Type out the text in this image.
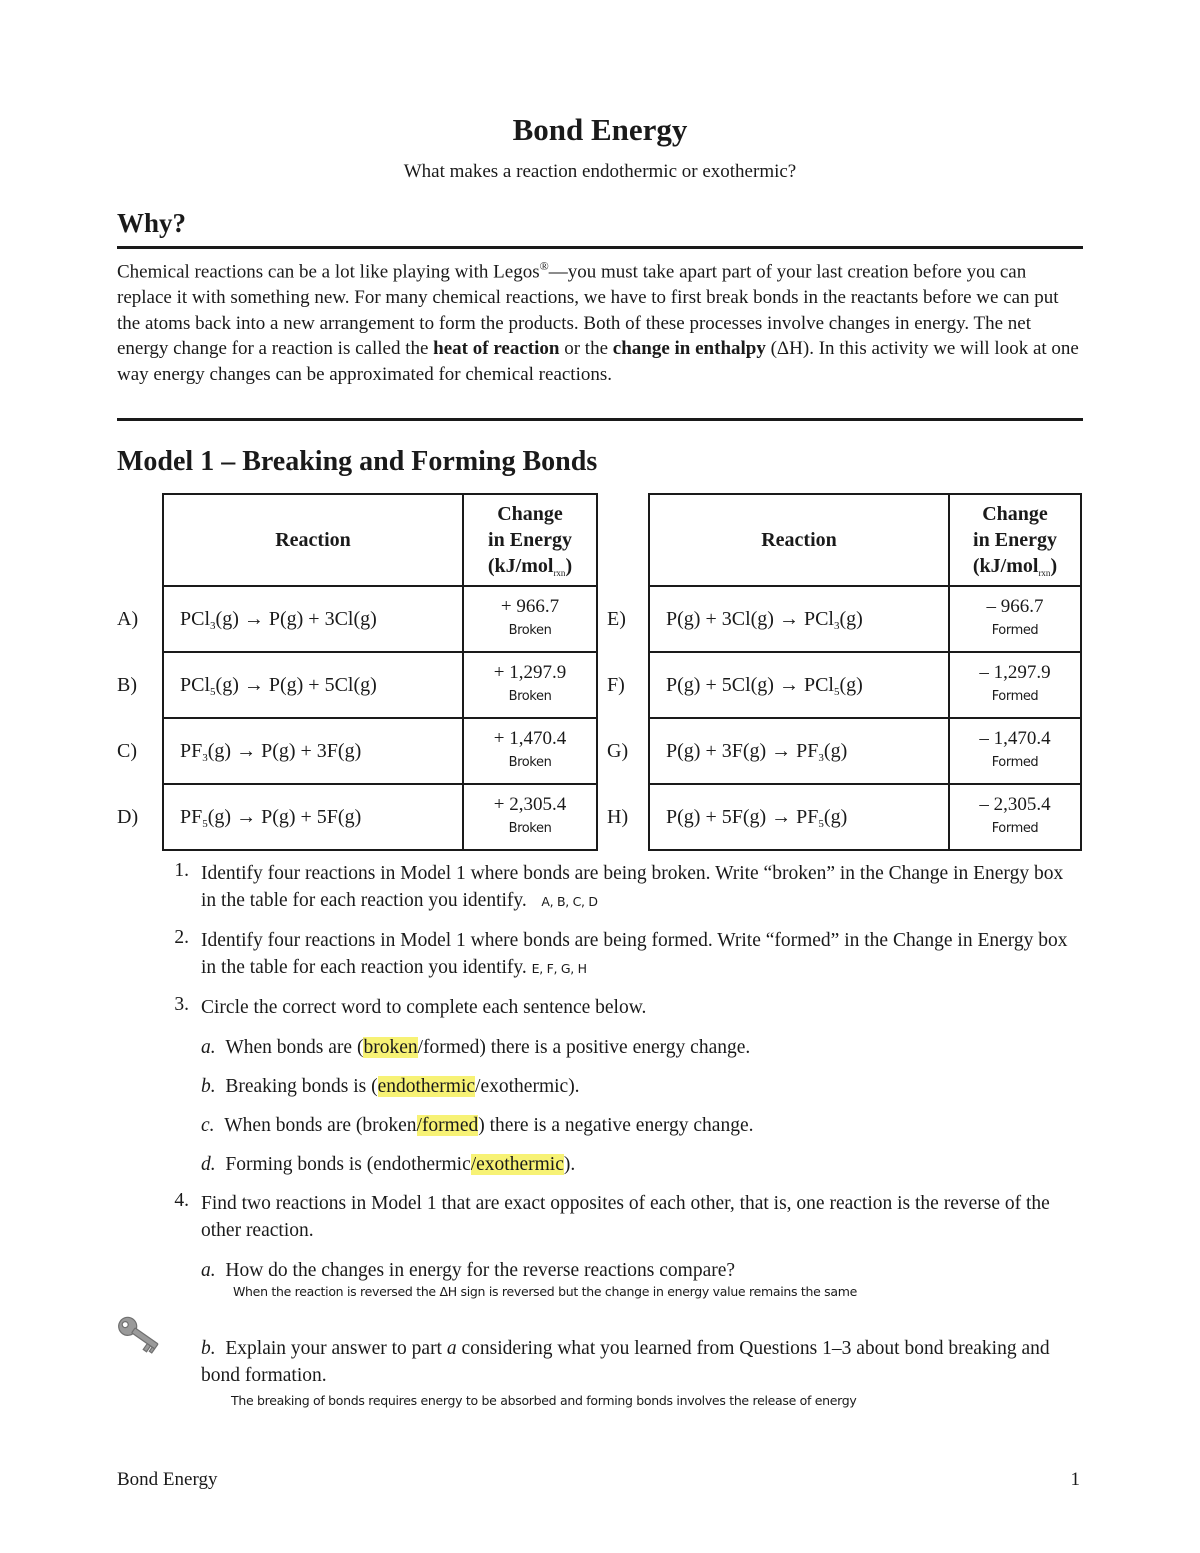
Bond Energy
What makes a reaction endothermic or exothermic?
Why?
Chemical reactions can be a lot like playing with Legos®—you must take apart part of your last creation before you can replace it with something new. For many chemical reactions, we have to first break bonds in the reactants before we can put the atoms back into a new arrangement to form the products. Both of these processes involve changes in energy. The net energy change for a reaction is called the heat of reaction or the change in enthalpy (ΔH). In this activity we will look at one way energy changes can be approximated for chemical reactions.
Model 1 – Breaking and Forming Bonds
	Reaction	Change
in Energy
(kJ/mol$_{rxn}$)
A)	PCl$_3$(g) → P(g) + 3Cl(g)	+ 966.7
Broken

B)	PCl$_5$(g) → P(g) + 5Cl(g)	+ 1,297.9
Broken

C)	$PF_3(g) \to P(g) + 3F(g)$	+ 1,470.4
Broken

D)	$PF_5(g) \to P(g) + 5F(g)$	+ 2,305.4
Broken
	Reaction	Change
in Energy
(kJ/mol$_{rxn}$)
E)	P(g) + 3Cl(g) → PCl$_3$(g)	– 966.7
Formed

F)	P(g) + 5Cl(g) → PCl$_5$(g)	– 1,297.9
Formed

G)	$P(g) + 3F(g) \to PF_3(g)$	– 1,470.4
Formed

H)	$P(g) + 5F(g) \to PF_5(g)$	– 2,305.4
Formed
1. Identify four reactions in Model 1 where bonds are being broken. Write “broken” in the Change in Energy box in the table for each reaction you identify. A, B, C, D
2. Identify four reactions in Model 1 where bonds are being formed. Write “formed” in the Change in Energy box in the table for each reaction you identify. E, F, G, H
3. Circle the correct word to complete each sentence below.
a. When bonds are (broken/formed) there is a positive energy change.
b. Breaking bonds is (endothermic/exothermic).
c. When bonds are (broken/formed) there is a negative energy change.
d. Forming bonds is (endothermic/exothermic).
4. Find two reactions in Model 1 that are exact opposites of each other, that is, one reaction is the reverse of the other reaction.
a. How do the changes in energy for the reverse reactions compare?
When the reaction is reversed the ΔH sign is reversed but the change in energy value remains the same
b. Explain your answer to part a considering what you learned from Questions 1–3 about bond breaking and bond formation.
The breaking of bonds requires energy to be absorbed and forming bonds involves the release of energy
Bond Energy	1
